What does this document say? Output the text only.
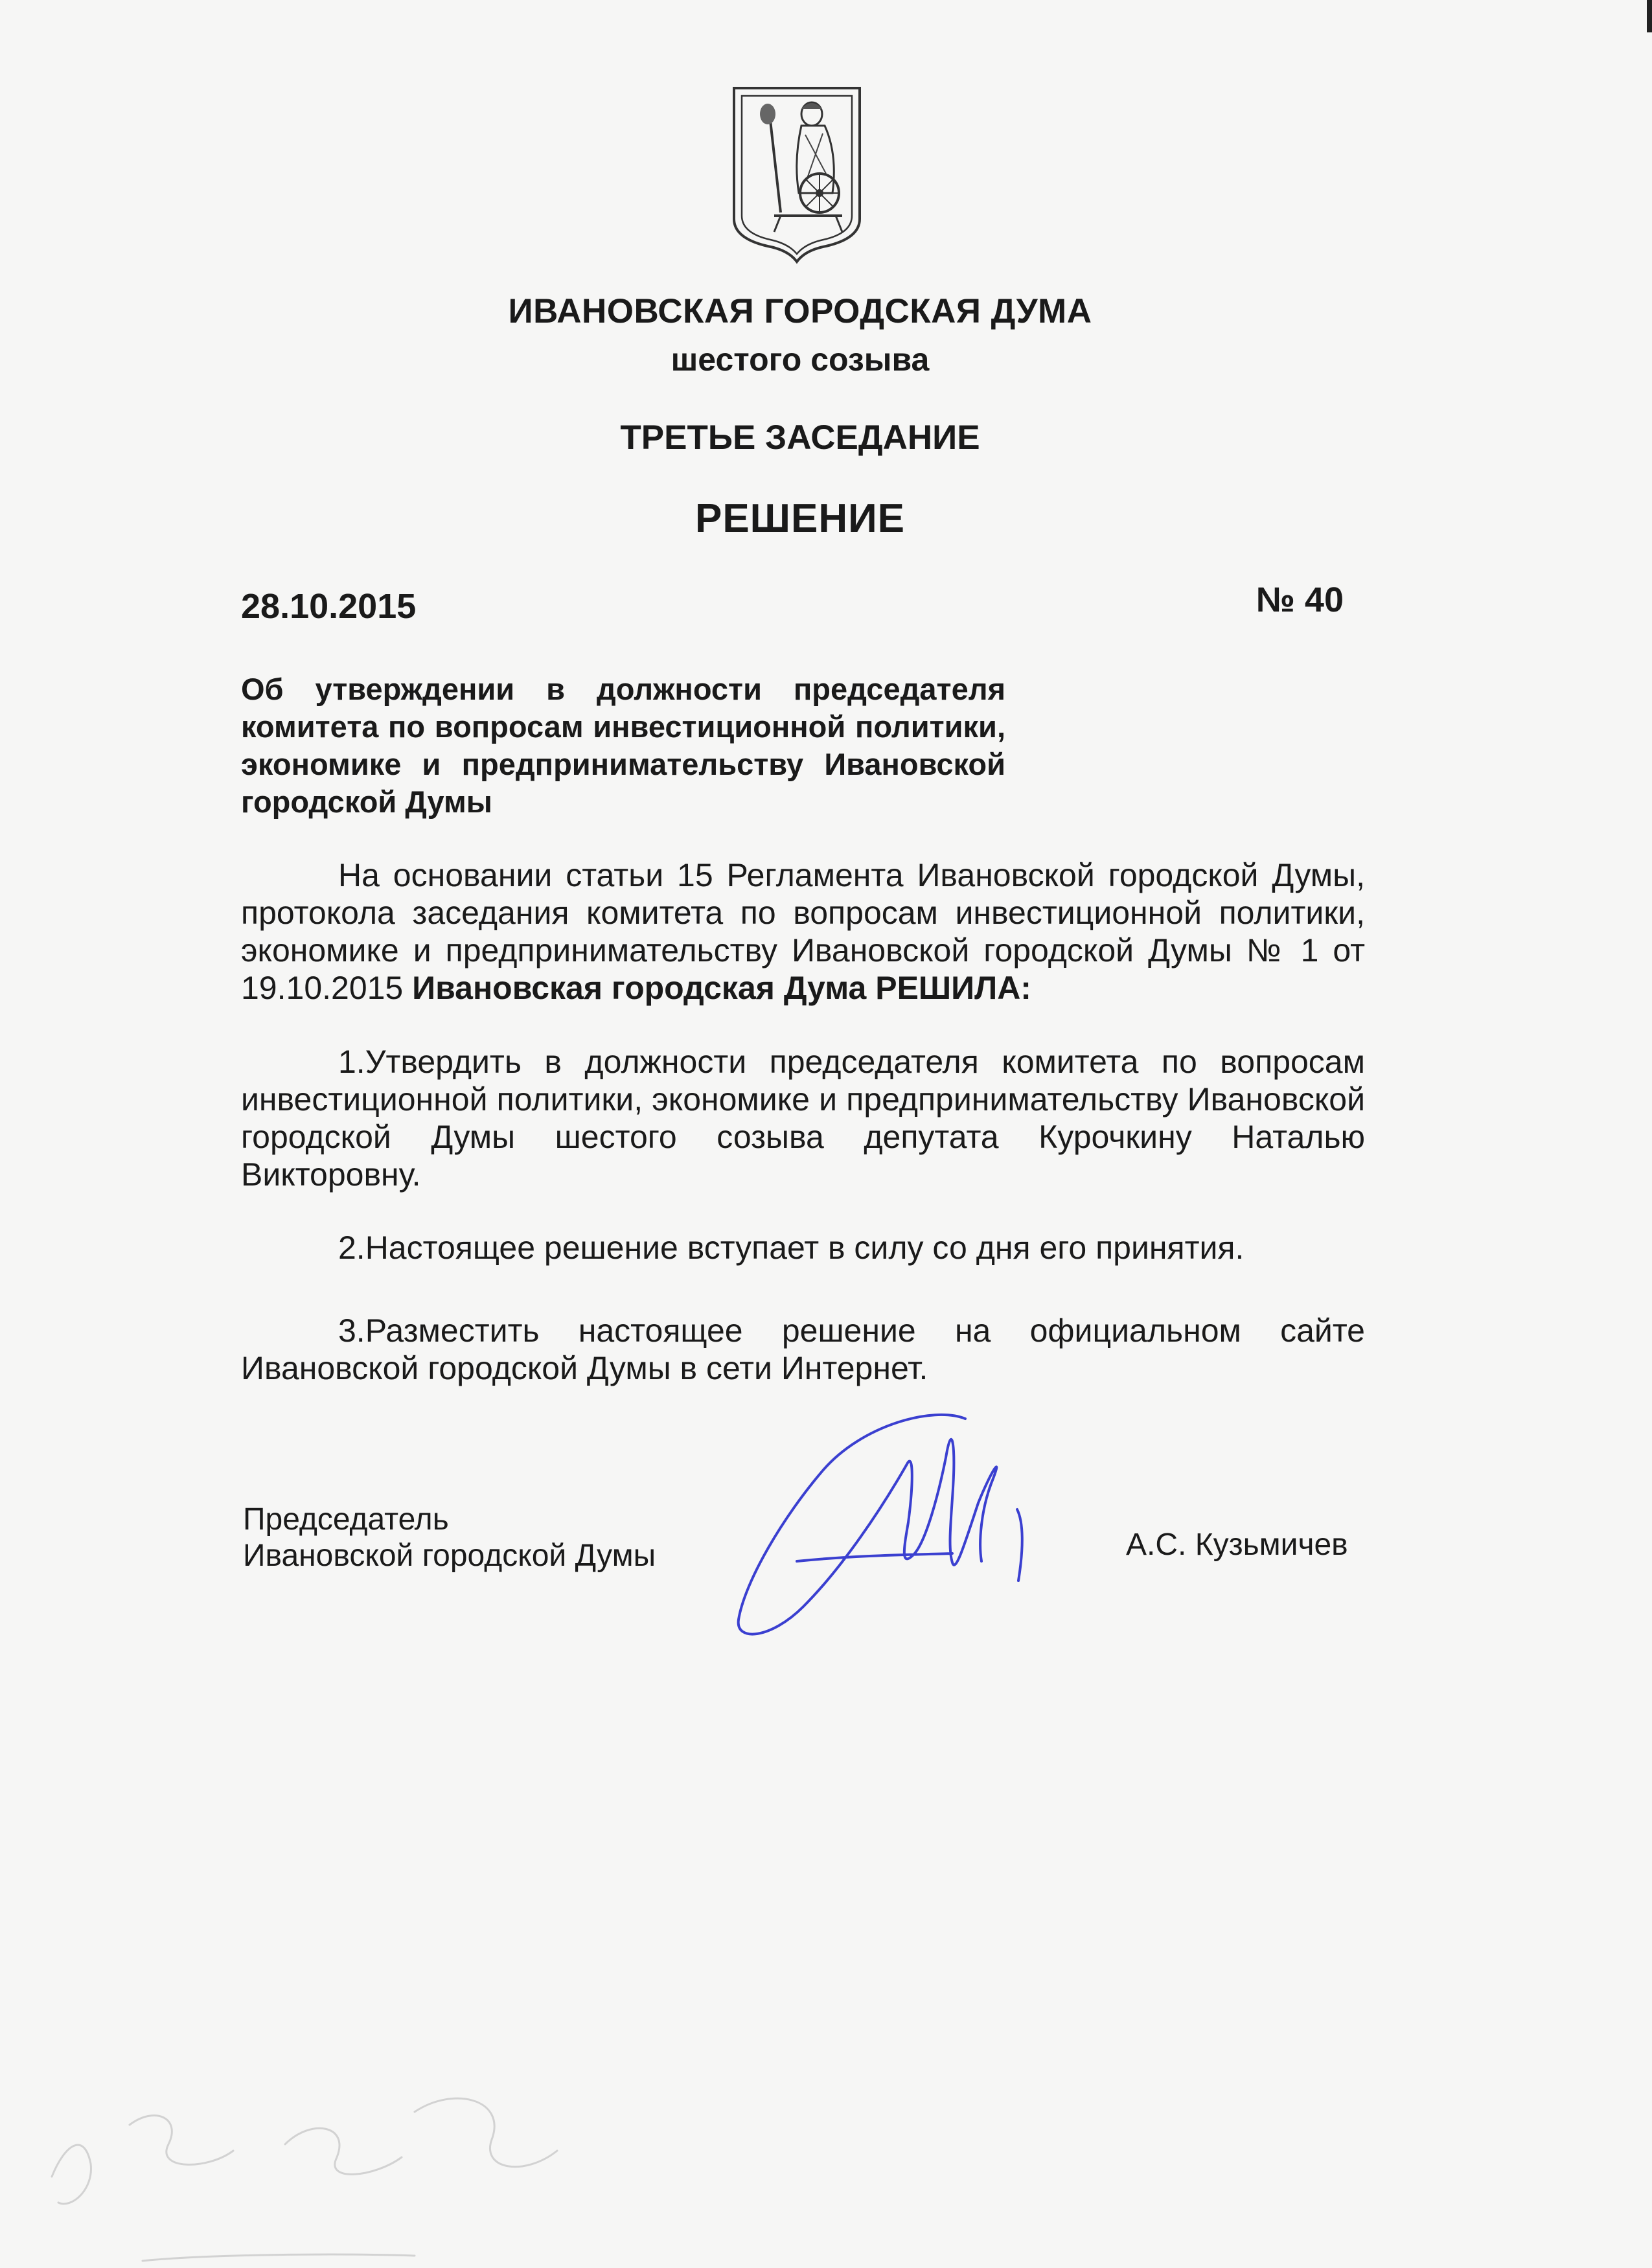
ИВАНОВСКАЯ ГОРОДСКАЯ ДУМА
шестого созыва
ТРЕТЬЕ ЗАСЕДАНИЕ
РЕШЕНИЕ
28.10.2015	№ 40
Об утверждении в должности председателя комитета по вопросам инвестиционной политики, экономике и предпринимательству Ивановской городской Думы

На основании статьи 15 Регламента Ивановской городской Думы, протокола заседания комитета по вопросам инвестиционной политики, экономике и предпринимательству Ивановской городской Думы № 1 от 19.10.2015 Ивановская городская Дума РЕШИЛА:

1.Утвердить в должности председателя комитета по вопросам инвестиционной политики, экономике и предпринимательству Ивановской городской Думы шестого созыва депутата Курочкину Наталью Викторовну.

2.Настоящее решение вступает в силу со дня его принятия.

3.Разместить настоящее решение на официальном сайте Ивановской городской Думы в сети Интернет.

Председатель
Ивановской городской Думы	А.С. Кузьмичев
